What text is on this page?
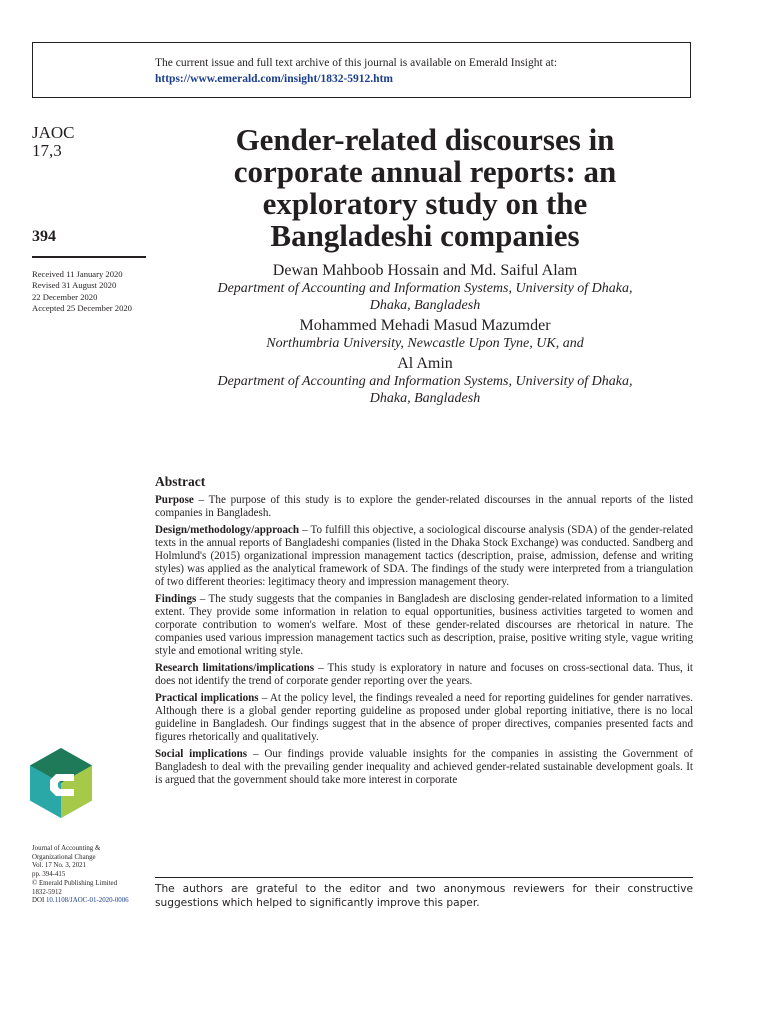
The current issue and full text archive of this journal is available on Emerald Insight at:
https://www.emerald.com/insight/1832-5912.htm
JAOC
17,3
394
Received 11 January 2020
Revised 31 August 2020
22 December 2020
Accepted 25 December 2020
Gender-related discourses in
corporate annual reports: an
exploratory study on the
Bangladeshi companies
Dewan Mahboob Hossain and Md. Saiful Alam
Department of Accounting and Information Systems, University of Dhaka,
Dhaka, Bangladesh
Mohammed Mehadi Masud Mazumder
Northumbria University, Newcastle Upon Tyne, UK, and
Al Amin
Department of Accounting and Information Systems, University of Dhaka,
Dhaka, Bangladesh
Abstract

Purpose – The purpose of this study is to explore the gender-related discourses in the annual reports of the listed companies in Bangladesh.

Design/methodology/approach – To fulfill this objective, a sociological discourse analysis (SDA) of the gender-related texts in the annual reports of Bangladeshi companies (listed in the Dhaka Stock Exchange) was conducted. Sandberg and Holmlund's (2015) organizational impression management tactics (description, praise, admission, defense and writing styles) was applied as the analytical framework of SDA. The findings of the study were interpreted from a triangulation of two different theories: legitimacy theory and impression management theory.

Findings – The study suggests that the companies in Bangladesh are disclosing gender-related information to a limited extent. They provide some information in relation to equal opportunities, business activities targeted to women and corporate contribution to women's welfare. Most of these gender-related discourses are rhetorical in nature. The companies used various impression management tactics such as description, praise, positive writing style, vague writing style and emotional writing style.

Research limitations/implications – This study is exploratory in nature and focuses on cross-sectional data. Thus, it does not identify the trend of corporate gender reporting over the years.

Practical implications – At the policy level, the findings revealed a need for reporting guidelines for gender narratives. Although there is a global gender reporting guideline as proposed under global reporting initiative, there is no local guideline in Bangladesh. Our findings suggest that in the absence of proper directives, companies presented facts and figures rhetorically and qualitatively.

Social implications – Our findings provide valuable insights for the companies in assisting the Government of Bangladesh to deal with the prevailing gender inequality and achieved gender-related sustainable development goals. It is argued that the government should take more interest in corporate

Journal of Accounting &
Organizational Change
Vol. 17 No. 3, 2021
pp. 394-415
© Emerald Publishing Limited
1832-5912
DOI 10.1108/JAOC-01-2020-0006
The authors are grateful to the editor and two anonymous reviewers for their constructive suggestions which helped to significantly improve this paper.
